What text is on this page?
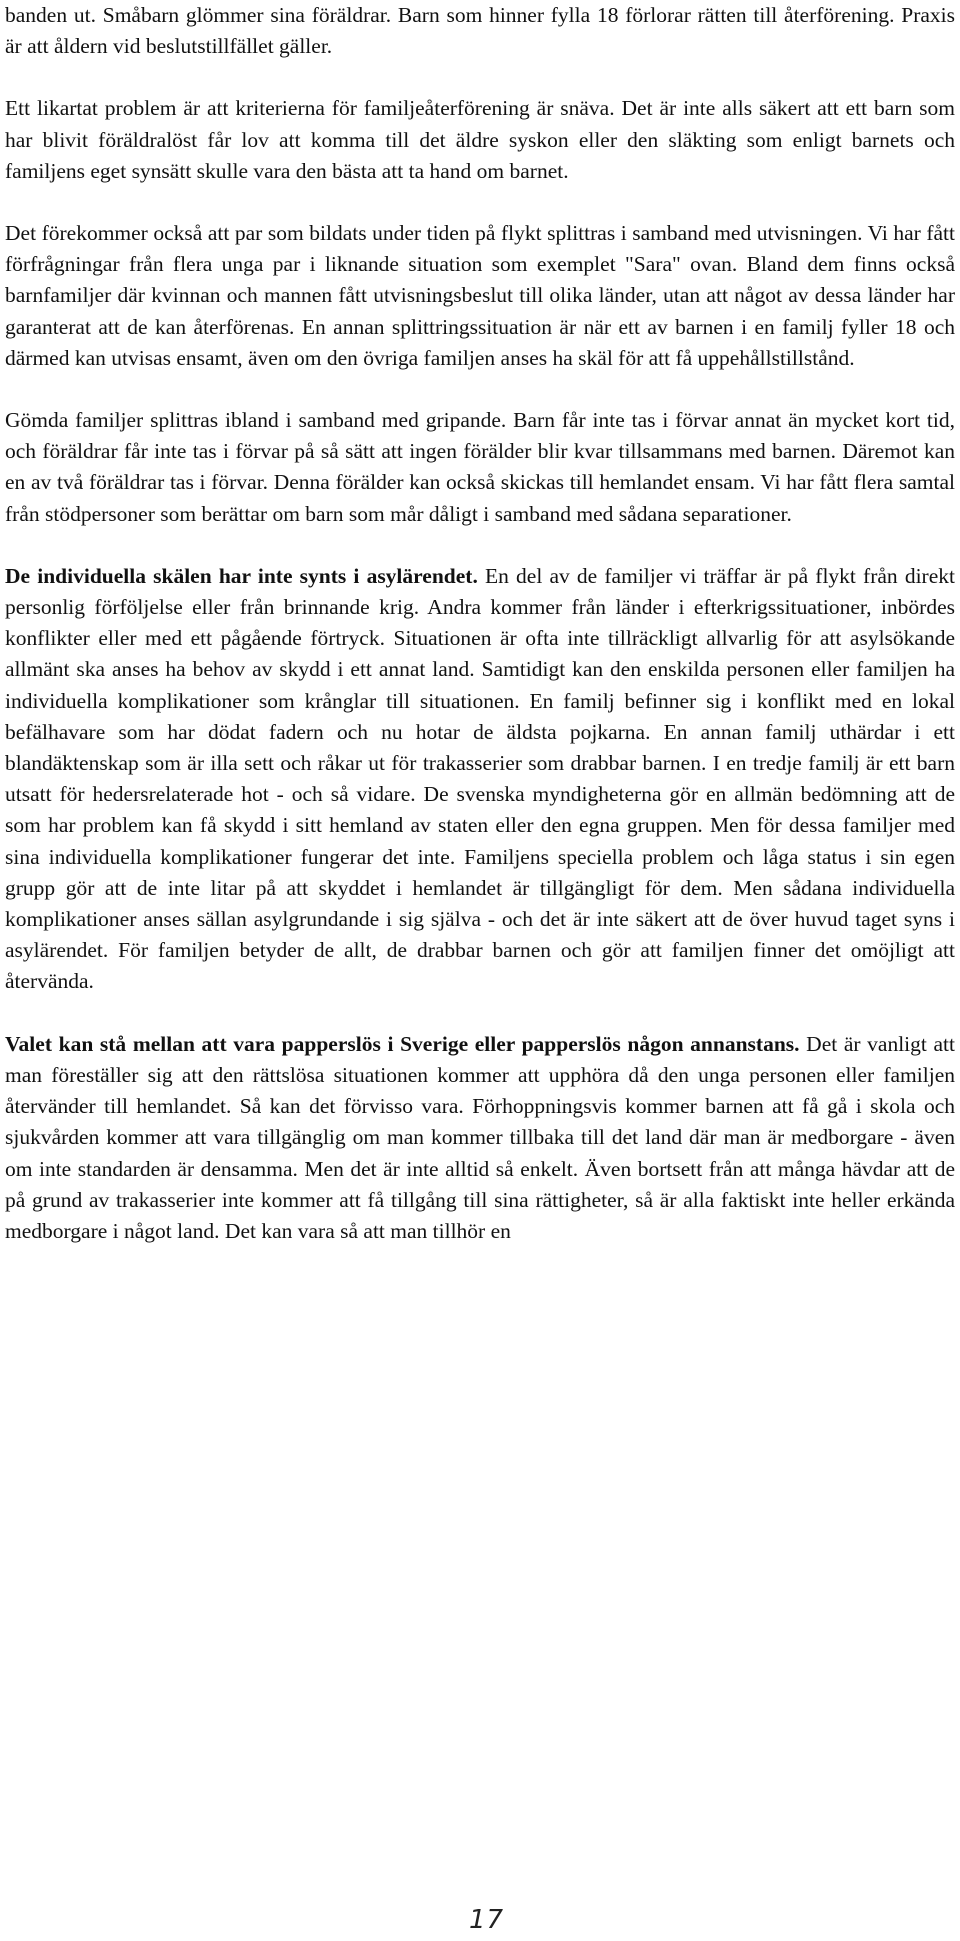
banden ut. Småbarn glömmer sina föräldrar. Barn som hinner fylla 18 förlorar rätten till återförening. Praxis är att åldern vid beslutstillfället gäller.

Ett likartat problem är att kriterierna för familjeåterförening är snäva. Det är inte alls säkert att ett barn som har blivit föräldralöst får lov att komma till det äldre syskon eller den släkting som enligt barnets och familjens eget synsätt skulle vara den bästa att ta hand om barnet.

Det förekommer också att par som bildats under tiden på flykt splittras i samband med utvisningen. Vi har fått förfrågningar från flera unga par i liknande situation som exemplet "Sara" ovan. Bland dem finns också barnfamiljer där kvinnan och mannen fått utvisningsbeslut till olika länder, utan att något av dessa länder har garanterat att de kan återförenas. En annan splittringssituation är när ett av barnen i en familj fyller 18 och därmed kan utvisas ensamt, även om den övriga familjen anses ha skäl för att få uppehållstillstånd.

Gömda familjer splittras ibland i samband med gripande. Barn får inte tas i förvar annat än mycket kort tid, och föräldrar får inte tas i förvar på så sätt att ingen förälder blir kvar tillsammans med barnen. Däremot kan en av två föräldrar tas i förvar. Denna förälder kan också skickas till hemlandet ensam. Vi har fått flera samtal från stödpersoner som berättar om barn som mår dåligt i samband med sådana separationer.

De individuella skälen har inte synts i asylärendet. En del av de familjer vi träffar är på flykt från direkt personlig förföljelse eller från brinnande krig. Andra kommer från länder i efterkrigssituationer, inbördes konflikter eller med ett pågående förtryck. Situationen är ofta inte tillräckligt allvarlig för att asylsökande allmänt ska anses ha behov av skydd i ett annat land. Samtidigt kan den enskilda personen eller familjen ha individuella komplikationer som krånglar till situationen. En familj befinner sig i konflikt med en lokal befälhavare som har dödat fadern och nu hotar de äldsta pojkarna. En annan familj uthärdar i ett blandäktenskap som är illa sett och råkar ut för trakasserier som drabbar barnen. I en tredje familj är ett barn utsatt för hedersrelaterade hot - och så vidare. De svenska myndigheterna gör en allmän bedömning att de som har problem kan få skydd i sitt hemland av staten eller den egna gruppen. Men för dessa familjer med sina individuella komplikationer fungerar det inte. Familjens speciella problem och låga status i sin egen grupp gör att de inte litar på att skyddet i hemlandet är tillgängligt för dem. Men sådana individuella komplikationer anses sällan asylgrundande i sig själva - och det är inte säkert att de över huvud taget syns i asylärendet. För familjen betyder de allt, de drabbar barnen och gör att familjen finner det omöjligt att återvända.

Valet kan stå mellan att vara papperslös i Sverige eller papperslös någon annanstans. Det är vanligt att man föreställer sig att den rättslösa situationen kommer att upphöra då den unga personen eller familjen återvänder till hemlandet. Så kan det förvisso vara. Förhoppningsvis kommer barnen att få gå i skola och sjukvården kommer att vara tillgänglig om man kommer tillbaka till det land där man är medborgare - även om inte standarden är densamma. Men det är inte alltid så enkelt. Även bortsett från att många hävdar att de på grund av trakasserier inte kommer att få tillgång till sina rättigheter, så är alla faktiskt inte heller erkända medborgare i något land. Det kan vara så att man tillhör en

17
